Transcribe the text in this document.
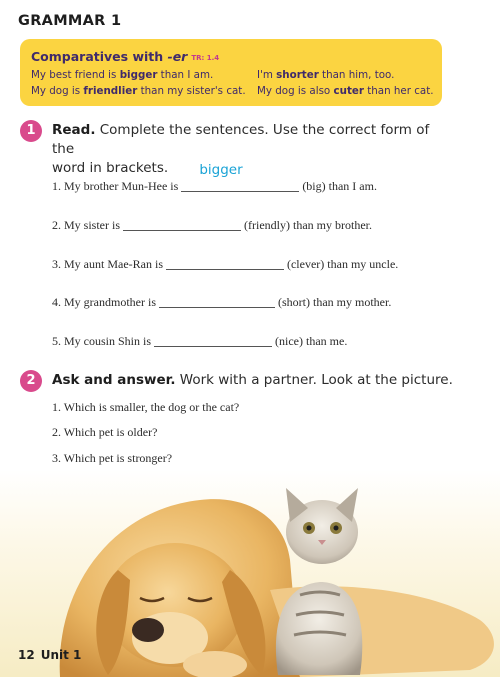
GRAMMAR 1
Comparatives with -er TR: 1.4
My best friend is bigger than I am.	I'm shorter than him, too.
My dog is friendlier than my sister's cat. My dog is also cuter than her cat.
1	Read. Complete the sentences. Use the correct form of the
word in brackets.
1. My brother Mun-Hee is
bigger
(big) than I am.
2. My sister is	(friendly) than my brother.
3. My aunt Mae-Ran is	(clever) than my uncle.
4. My grandmother is	(short) than my mother.
5. My cousin Shin is	(nice) than me.
2	Ask and answer. Work with a partner. Look at the picture.
1. Which is smaller, the dog or the cat?
2. Which pet is older?
3. Which pet is stronger?
12 Unit 1
